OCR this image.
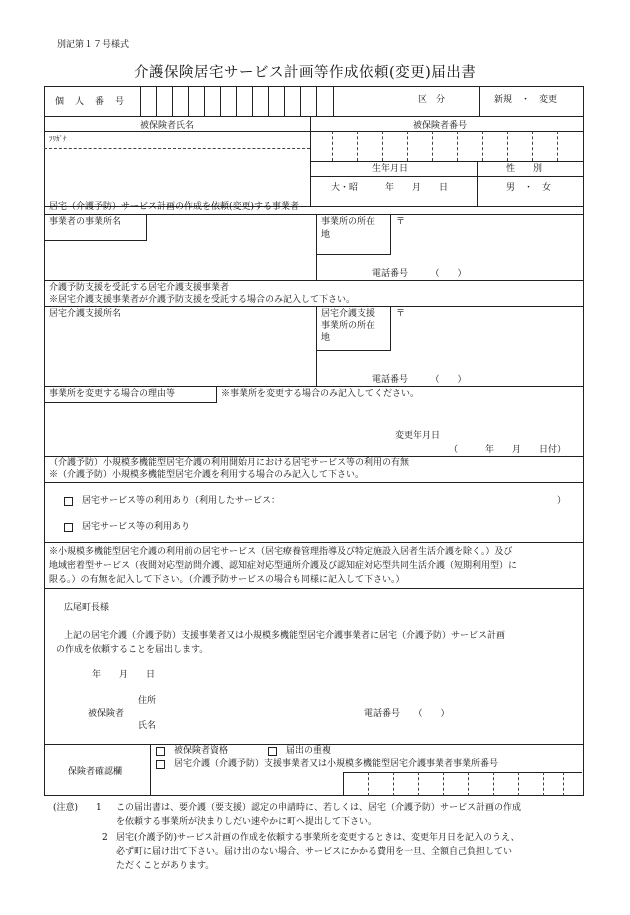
別記第１７号様式
介護保険居宅サービス計画等作成依頼(変更)届出書
個　人　番　号	区　分	新規　・　変更
被保険者氏名	被保険者番号
ﾌﾘｶﾞﾅ
生年月日	性　　別
大・昭　　　年　　月　　日	男　・　女
居宅（介護予防）サービス計画の作成を依頼(変更)する事業者
事業者の事業所名	事業所の所在
地
〒
電話番号　　　（　　）
介護予防支援を受託する居宅介護支援事業者
※居宅介護支援事業者が介護予防支援を受託する場合のみ記入して下さい。
居宅介護支援所名	居宅介護支援
事業所の所在
地
〒
電話番号　　　（　　）
事業所を変更する場合の理由等	※事業所を変更する場合のみ記入してください。
変更年月日
（　　　年　　月　　日付）
（介護予防）小規模多機能型居宅介護の利用開始月における居宅サービス等の利用の有無
※（介護予防）小規模多機能型居宅介護を利用する場合のみ記入して下さい。
居宅サービス等の利用あり（利用したサービス：	）
居宅サービス等の利用あり
※小規模多機能型居宅介護の利用前の居宅サービス（居宅療養管理指導及び特定施設入居者生活介護を除く。）及び
地域密着型サービス（夜間対応型訪問介護、認知症対応型通所介護及び認知症対応型共同生活介護（短期利用型）に
限る。）の有無を記入して下さい。（介護予防サービスの場合も同様に記入して下さい。）
広尾町長様
上記の居宅介護（介護予防）支援事業者又は小規模多機能型居宅介護事業者に居宅（介護予防）サービス計画
の作成を依頼することを届出します。
年　　月　　日
住所
被保険者
氏名
電話番号　　（　　）
保険者確認欄
被保険者資格	届出の重複
居宅介護（介護予防）支援事業者又は小規模多機能型居宅介護事業者事業所番号
(注意) 1 この届出書は、要介護（要支援）認定の申請時に、若しくは、居宅（介護予防）サービス計画の作成
を依頼する事業所が決まりしだい速やかに町へ提出して下さい。
2 居宅(介護予防)サービス計画の作成を依頼する事業所を変更するときは、変更年月日を記入のうえ、
必ず町に届け出て下さい。届け出のない場合、サービスにかかる費用を一旦、全額自己負担してい
ただくことがあります。
